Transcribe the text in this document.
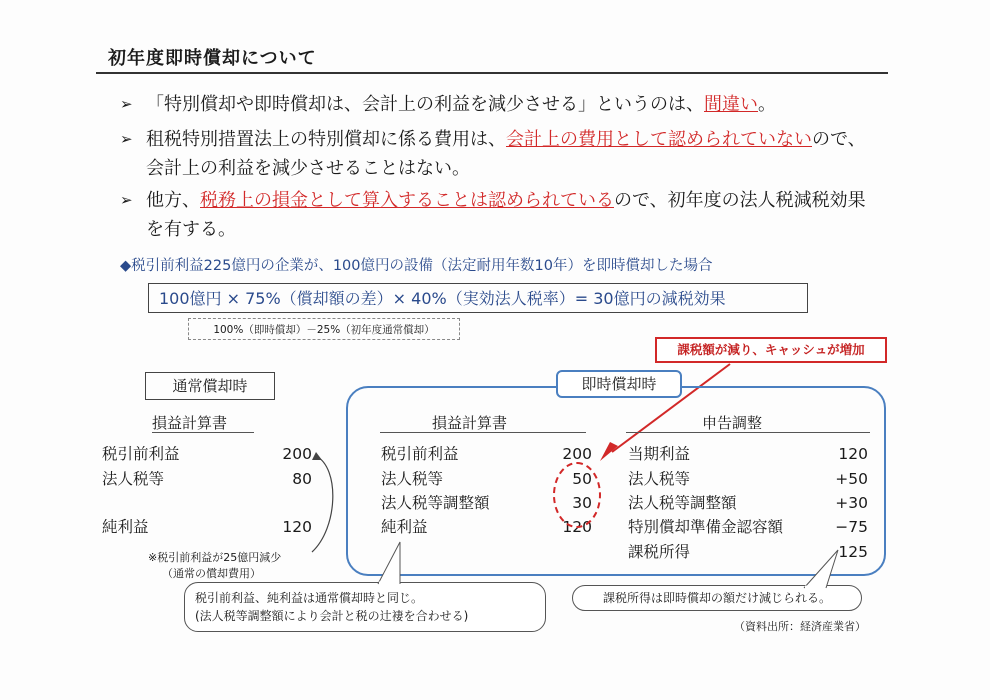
初年度即時償却について
➢ 「特別償却や即時償却は、会計上の利益を減少させる」というのは、間違い。
➢ 租税特別措置法上の特別償却に係る費用は、会計上の費用として認められていないので、会計上の利益を減少させることはない。
➢ 他方、税務上の損金として算入することは認められているので、初年度の法人税減税効果を有する。
◆税引前利益225億円の企業が、100億円の設備（法定耐用年数10年）を即時償却した場合
100億円 × 75%（償却額の差）× 40%（実効法人税率）= 30億円の減税効果
100%（即時償却）－25%（初年度通常償却）
課税額が減り、キャッシュが増加
通常償却時
損益計算書
税引前利益	200
法人税等	80
純利益	120
※税引前利益が25億円減少
（通常の償却費用）
即時償却時
損益計算書	申告調整
税引前利益	200
法人税等	50
法人税等調整額	30
純利益	120
当期利益	120
法人税等	+50
法人税等調整額	+30
特別償却準備金認容額	−75
課税所得	125
税引前利益、純利益は通常償却時と同じ。
(法人税等調整額により会計と税の辻褄を合わせる)
課税所得は即時償却の額だけ減じられる。
（資料出所：経済産業省）
